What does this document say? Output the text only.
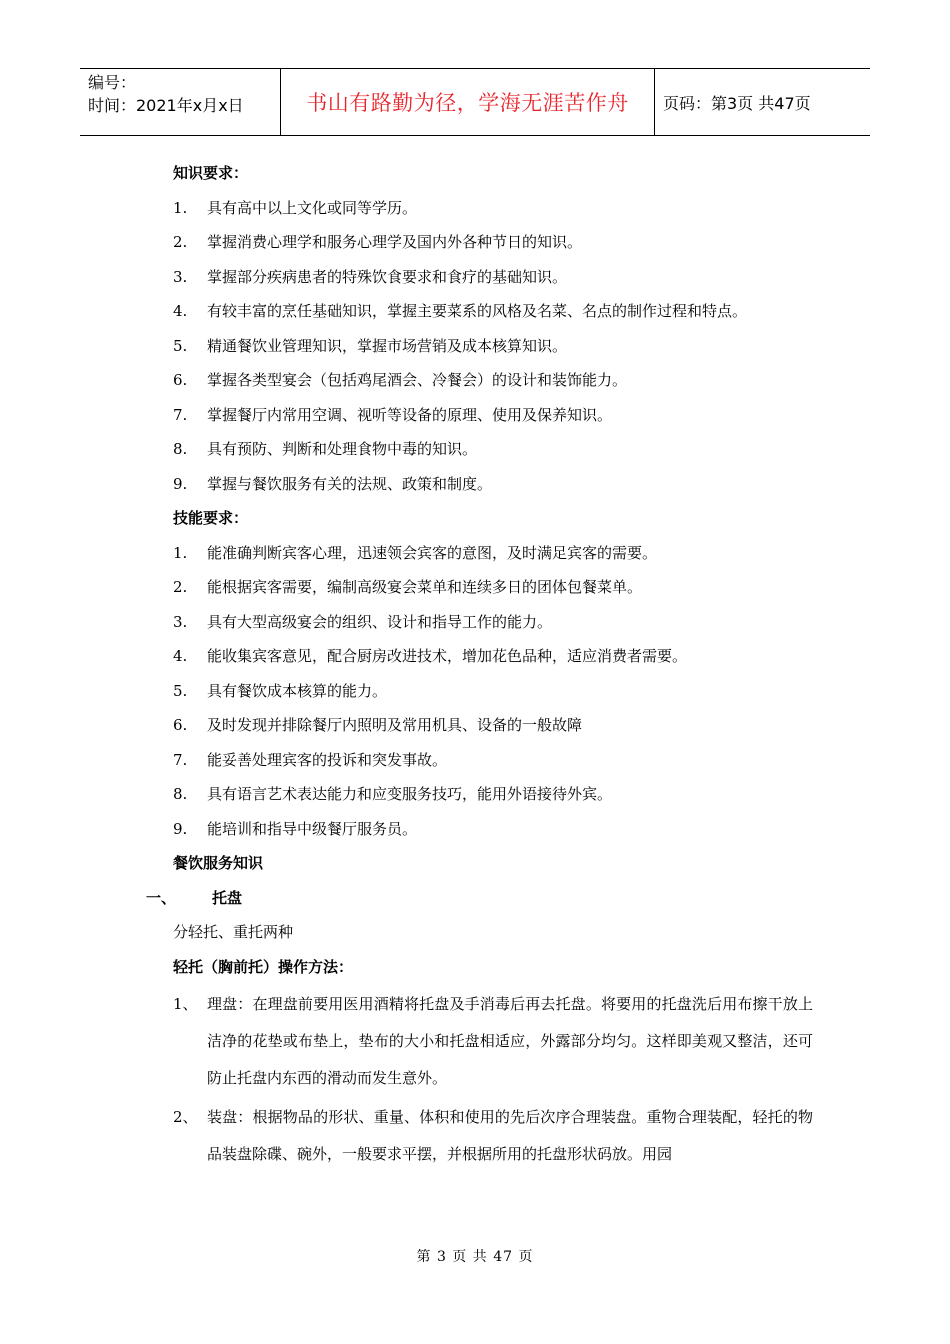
编号：
时间：2021年x月x日	书山有路勤为径，学海无涯苦作舟	页码：第3页 共47页
知识要求：
1. 具有高中以上文化或同等学历。
2. 掌握消费心理学和服务心理学及国内外各种节日的知识。
3. 掌握部分疾病患者的特殊饮食要求和食疗的基础知识。
4. 有较丰富的烹任基础知识，掌握主要菜系的风格及名菜、名点的制作过程和特点。
5. 精通餐饮业管理知识，掌握市场营销及成本核算知识。
6. 掌握各类型宴会（包括鸡尾酒会、冷餐会）的设计和装饰能力。
7. 掌握餐厅内常用空调、视听等设备的原理、使用及保养知识。
8. 具有预防、判断和处理食物中毒的知识。
9. 掌握与餐饮服务有关的法规、政策和制度。
技能要求：
1. 能准确判断宾客心理，迅速领会宾客的意图，及时满足宾客的需要。
2. 能根据宾客需要，编制高级宴会菜单和连续多日的团体包餐菜单。
3. 具有大型高级宴会的组织、设计和指导工作的能力。
4. 能收集宾客意见，配合厨房改进技术，增加花色品种，适应消费者需要。
5. 具有餐饮成本核算的能力。
6. 及时发现并排除餐厅内照明及常用机具、设备的一般故障
7. 能妥善处理宾客的投诉和突发事故。
8. 具有语言艺术表达能力和应变服务技巧，能用外语接待外宾。
9. 能培训和指导中级餐厅服务员。
餐饮服务知识
一、 托盘
分轻托、重托两种
轻托（胸前托）操作方法：
1、 理盘：在理盘前要用医用酒精将托盘及手消毒后再去托盘。将要用的托盘洗后用布擦干放上洁净的花垫或布垫上，垫布的大小和托盘相适应，外露部分均匀。这样即美观又整洁，还可防止托盘内东西的滑动而发生意外。
2、 装盘：根据物品的形状、重量、体积和使用的先后次序合理装盘。重物合理装配，轻托的物品装盘除碟、碗外，一般要求平摆，并根据所用的托盘形状码放。用园
第 3 页 共 47 页
